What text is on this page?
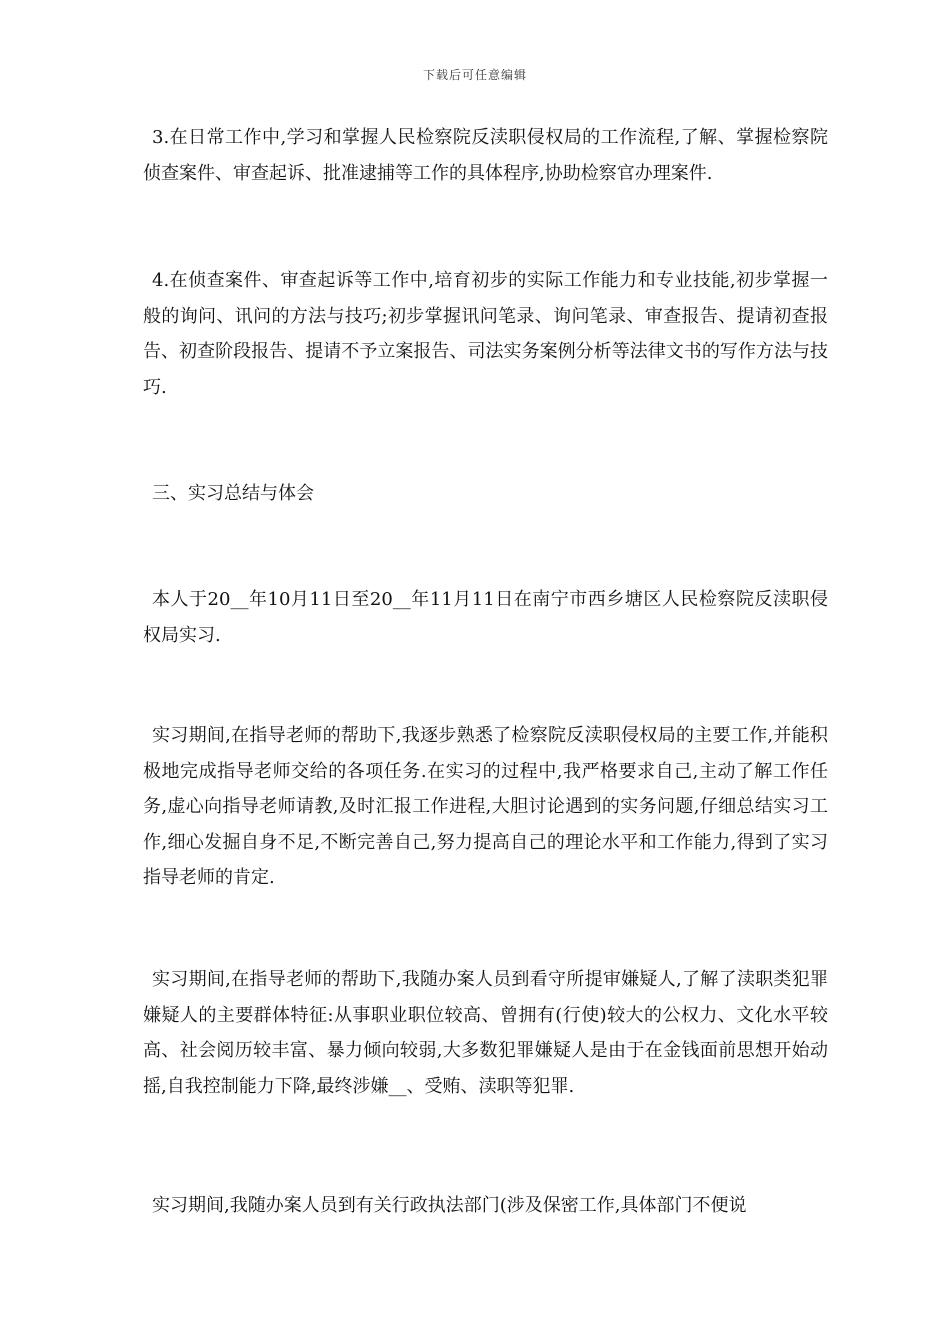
下载后可任意编辑

3.在日常工作中,学习和掌握人民检察院反渎职侵权局的工作流程,了解、掌握检察院侦查案件、审查起诉、批准逮捕等工作的具体程序,协助检察官办理案件.

4.在侦查案件、审查起诉等工作中,培育初步的实际工作能力和专业技能,初步掌握一般的询问、讯问的方法与技巧;初步掌握讯问笔录、询问笔录、审查报告、提请初查报告、初查阶段报告、提请不予立案报告、司法实务案例分析等法律文书的写作方法与技巧.

三、实习总结与体会

本人于20__年10月11日至20__年11月11日在南宁市西乡塘区人民检察院反渎职侵权局实习.

实习期间,在指导老师的帮助下,我逐步熟悉了检察院反渎职侵权局的主要工作,并能积极地完成指导老师交给的各项任务.在实习的过程中,我严格要求自己,主动了解工作任务,虚心向指导老师请教,及时汇报工作进程,大胆讨论遇到的实务问题,仔细总结实习工作,细心发掘自身不足,不断完善自己,努力提高自己的理论水平和工作能力,得到了实习指导老师的肯定.

实习期间,在指导老师的帮助下,我随办案人员到看守所提审嫌疑人,了解了渎职类犯罪嫌疑人的主要群体特征:从事职业职位较高、曾拥有(行使)较大的公权力、文化水平较高、社会阅历较丰富、暴力倾向较弱,大多数犯罪嫌疑人是由于在金钱面前思想开始动摇,自我控制能力下降,最终涉嫌__、受贿、渎职等犯罪.

实习期间,我随办案人员到有关行政执法部门(涉及保密工作,具体部门不便说
